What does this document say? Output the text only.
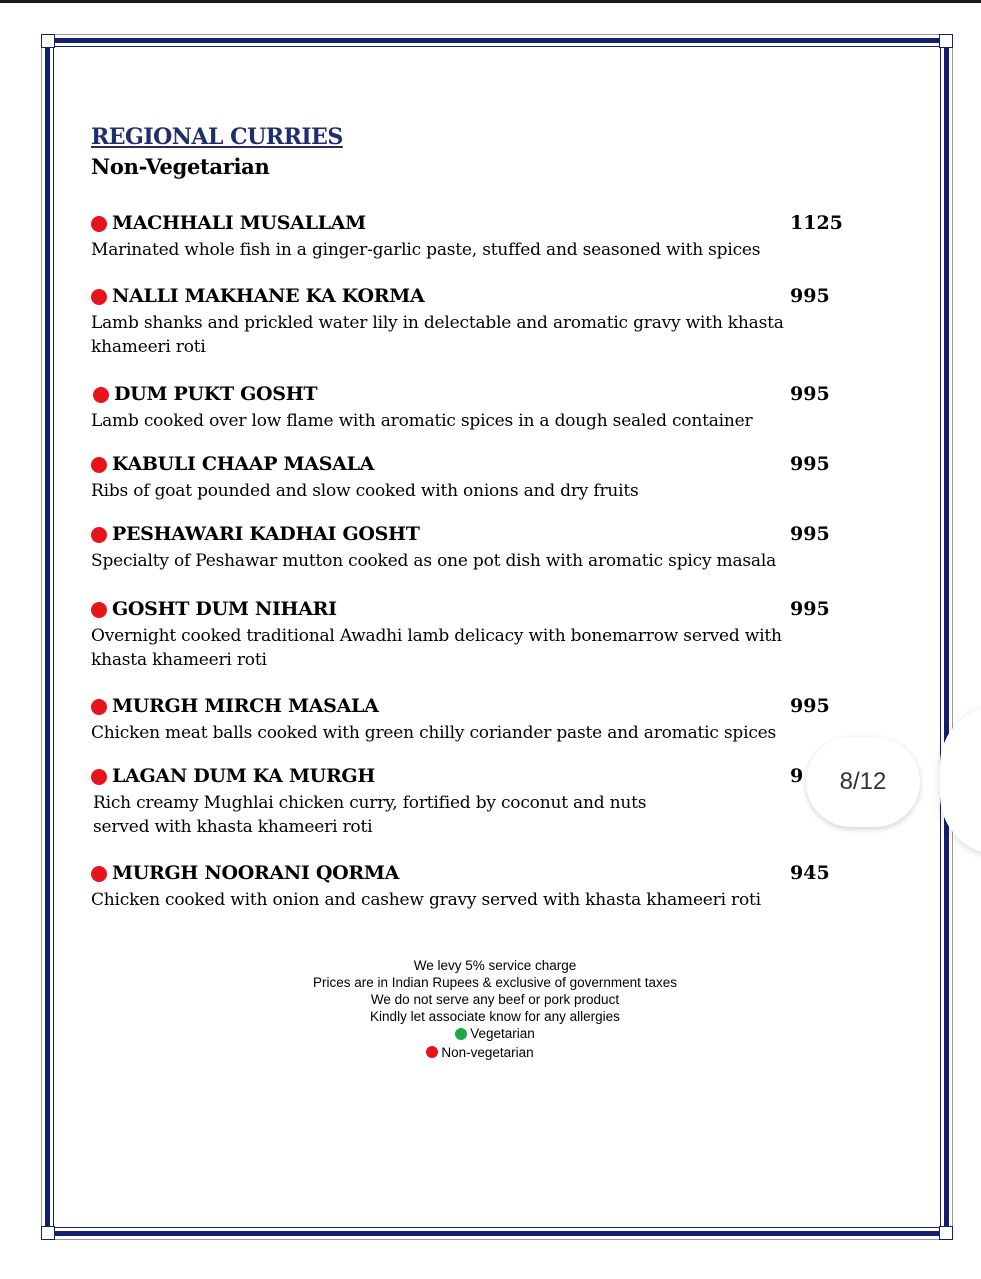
REGIONAL CURRIES
Non-Vegetarian
MACHHALI MUSALLAM	1125
Marinated whole fish in a ginger-garlic paste, stuffed and seasoned with spices
NALLI MAKHANE KA KORMA	995
Lamb shanks and prickled water lily in delectable and aromatic gravy with khasta
khameeri roti
DUM PUKT GOSHT	995
Lamb cooked over low flame with aromatic spices in a dough sealed container
KABULI CHAAP MASALA	995
Ribs of goat pounded and slow cooked with onions and dry fruits
PESHAWARI KADHAI GOSHT	995
Specialty of Peshawar mutton cooked as one pot dish with aromatic spicy masala
GOSHT DUM NIHARI	995
Overnight cooked traditional Awadhi lamb delicacy with bonemarrow served with
khasta khameeri roti
MURGH MIRCH MASALA	995
Chicken meat balls cooked with green chilly coriander paste and aromatic spices
LAGAN DUM KA MURGH	9
Rich creamy Mughlai chicken curry, fortified by coconut and nuts
served with khasta khameeri roti
MURGH NOORANI QORMA	945
Chicken cooked with onion and cashew gravy served with khasta khameeri roti
We levy 5% service charge
Prices are in Indian Rupees & exclusive of government taxes
We do not serve any beef or pork product
Kindly let associate know for any allergies
Vegetarian
Non-vegetarian
8/12
